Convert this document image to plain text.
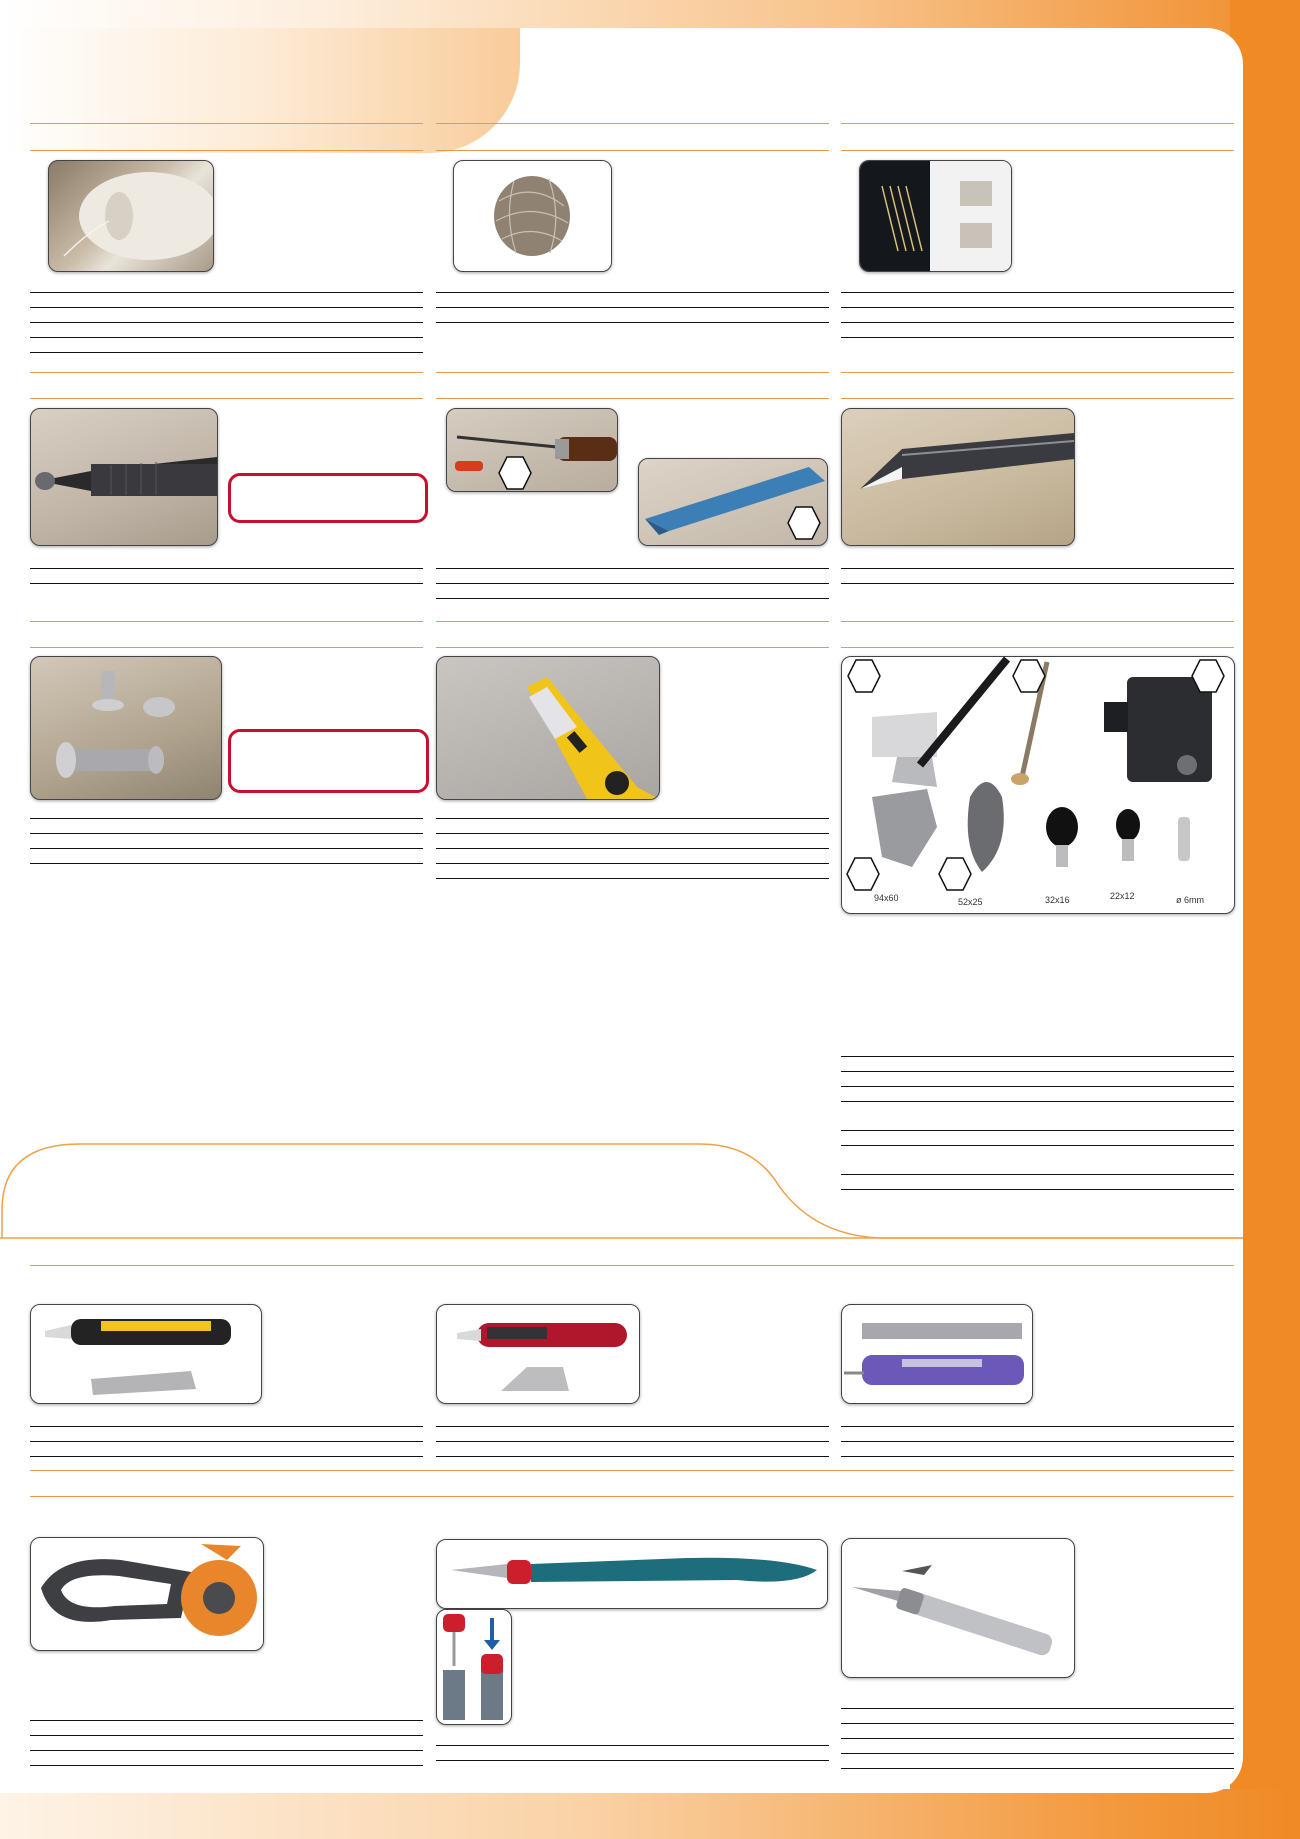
94x60	52x25	32x16	22x12	ø 6mm
